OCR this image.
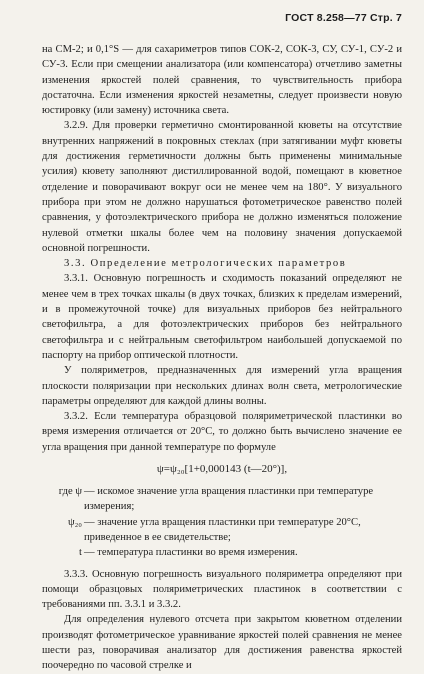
ГОСТ 8.258—77 Стр. 7

на СМ-2; и 0,1°S — для сахариметров типов СОК-2, СОК-3, СУ, СУ-1, СУ-2 и СУ-3. Если при смещении анализатора (или компенсатора) отчетливо заметны изменения яркостей полей сравнения, то чувствительность прибора достаточна. Если изменения яркостей незаметны, следует произвести новую юстировку (или замену) источника света.

3.2.9. Для проверки герметично смонтированной кюветы на отсутствие внутренних напряжений в покровных стеклах (при затягивании муфт кюветы для достижения герметичности должны быть применены минимальные усилия) кювету заполняют дистиллированной водой, помещают в кюветное отделение и поворачивают вокруг оси не менее чем на 180°. У визуального прибора при этом не должно нарушаться фотометрическое равенство полей сравнения, у фотоэлектрического прибора не должно изменяться положение нулевой отметки шкалы более чем на половину значения допускаемой основной погрешности.

3.3. Определение метрологических параметров

3.3.1. Основную погрешность и сходимость показаний определяют не менее чем в трех точках шкалы (в двух точках, близких к пределам измерений, и в промежуточной точке) для визуальных приборов без нейтрального светофильтра, а для фотоэлектрических приборов без нейтрального светофильтра и с нейтральным светофильтром наибольшей допускаемой по паспорту на прибор оптической плотности.

У поляриметров, предназначенных для измерений угла вращения плоскости поляризации при нескольких длинах волн света, метрологические параметры определяют для каждой длины волны.

3.3.2. Если температура образцовой поляриметрической пластинки во время измерения отличается от 20°С, то должно быть вычислено значение ее угла вращения при данной температуре по формуле

ψ=ψ₂₀[1+0,000143 (t—20°)],
где ψ — искомое значение угла вращения пластинки при температуре измерения;
ψ₂₀ — значение угла вращения пластинки при температуре 20°С, приведенное в ее свидетельстве;
t — температура пластинки во время измерения.

3.3.3. Основную погрешность визуального поляриметра определяют при помощи образцовых поляриметрических пластинок в соответствии с требованиями пп. 3.3.1 и 3.3.2.

Для определения нулевого отсчета при закрытом кюветном отделении производят фотометрическое уравнивание яркостей полей сравнения не менее шести раз, поворачивая анализатор для достижения равенства яркостей поочередно по часовой стрелке и
